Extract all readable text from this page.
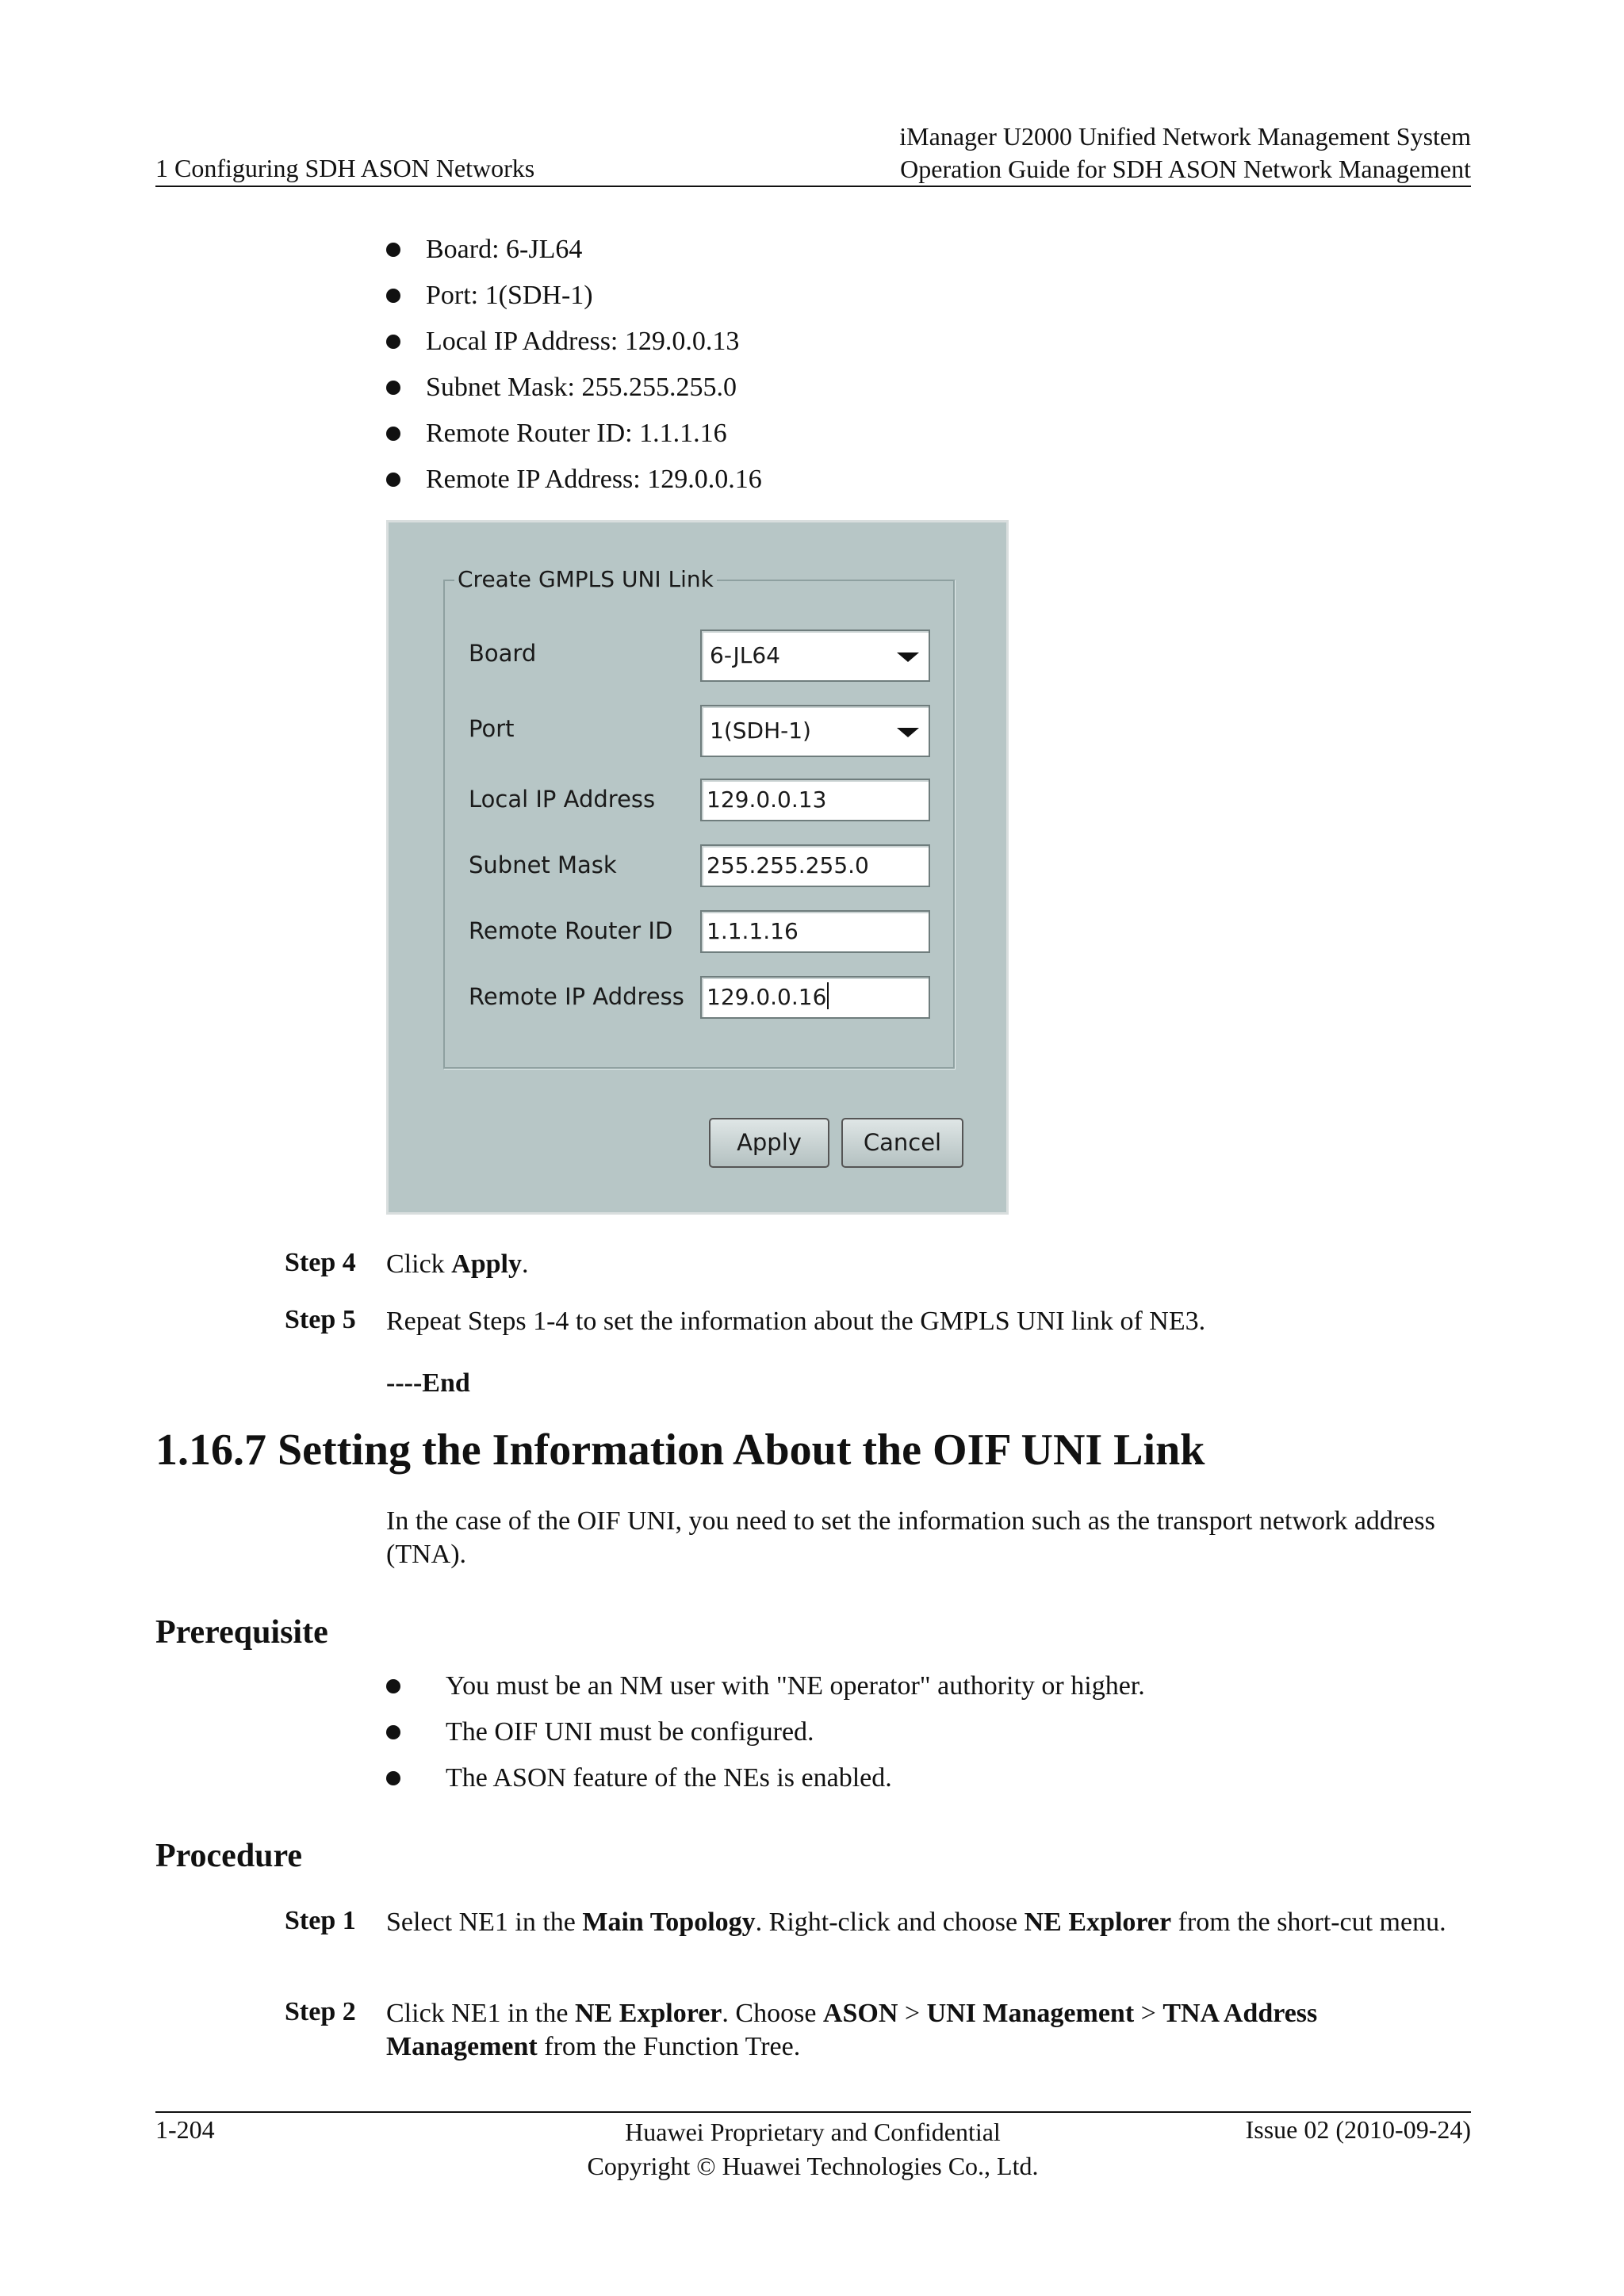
1 Configuring SDH ASON Networks
iManager U2000 Unified Network Management System
Operation Guide for SDH ASON Network Management
Board: 6-JL64
Port: 1(SDH-1)
Local IP Address: 129.0.0.13
Subnet Mask: 255.255.255.0
Remote Router ID: 1.1.1.16
Remote IP Address: 129.0.0.16
Create GMPLS UNI Link
Board	6-JL64
Port	1(SDH-1)
Local IP Address 129.0.0.13
Subnet Mask	255.255.255.0
Remote Router ID 1.1.1.16
Remote IP Address 129.0.0.16
Apply	Cancel
Step 4 Click Apply.
Step 5 Repeat Steps 1-4 to set the information about the GMPLS UNI link of NE3.
----End
1.16.7 Setting the Information About the OIF UNI Link
In the case of the OIF UNI, you need to set the information such as the transport network address (TNA).
Prerequisite
You must be an NM user with "NE operator" authority or higher.
The OIF UNI must be configured.
The ASON feature of the NEs is enabled.
Procedure
Step 1 Select NE1 in the Main Topology. Right-click and choose NE Explorer from the short-cut menu.
Step 2 Click NE1 in the NE Explorer. Choose ASON > UNI Management > TNA Address Management from the Function Tree.
1-204	Huawei Proprietary and Confidential
Copyright © Huawei Technologies Co., Ltd.
Issue 02 (2010-09-24)
